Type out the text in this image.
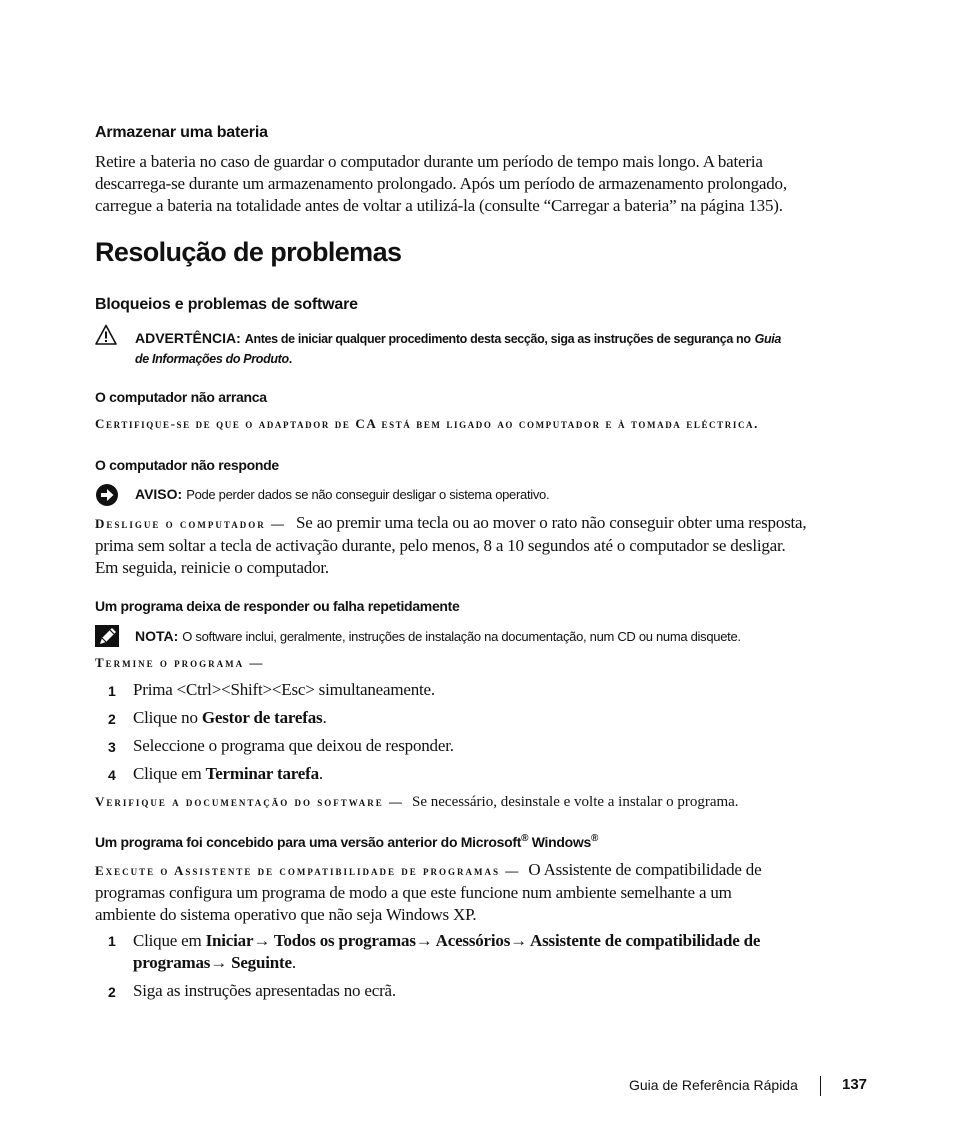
Armazenar uma bateria
Retire a bateria no caso de guardar o computador durante um período de tempo mais longo. A bateria
descarrega-se durante um armazenamento prolongado. Após um período de armazenamento prolongado,
carregue a bateria na totalidade antes de voltar a utilizá-la (consulte “Carregar a bateria” na página 135).
Resolução de problemas
Bloqueios e problemas de software
ADVERTÊNCIA: Antes de iniciar qualquer procedimento desta secção, siga as instruções de segurança no Guia
de Informações do Produto.
O computador não arranca
Certifique-se de que o adaptador de CA está bem ligado ao computador e à tomada eléctrica.
O computador não responde
AVISO: Pode perder dados se não conseguir desligar o sistema operativo.
Desligue o computador — Se ao premir uma tecla ou ao mover o rato não conseguir obter uma resposta,
prima sem soltar a tecla de activação durante, pelo menos, 8 a 10 segundos até o computador se desligar.
Em seguida, reinicie o computador.
Um programa deixa de responder ou falha repetidamente
NOTA: O software inclui, geralmente, instruções de instalação na documentação, num CD ou numa disquete.
Termine o programa —
1 Prima <Ctrl><Shift><Esc> simultaneamente.
2 Clique no Gestor de tarefas.
3 Seleccione o programa que deixou de responder.
4 Clique em Terminar tarefa.
Verifique a documentação do software — Se necessário, desinstale e volte a instalar o programa.
Um programa foi concebido para uma versão anterior do Microsoft® Windows®
Execute o Assistente de compatibilidade de programas — O Assistente de compatibilidade de
programas configura um programa de modo a que este funcione num ambiente semelhante a um
ambiente do sistema operativo que não seja Windows XP.
1 Clique em Iniciar→ Todos os programas→ Acessórios→ Assistente de compatibilidade de
programas→ Seguinte.
2 Siga as instruções apresentadas no ecrã.
Guia de Referência Rápida	137
